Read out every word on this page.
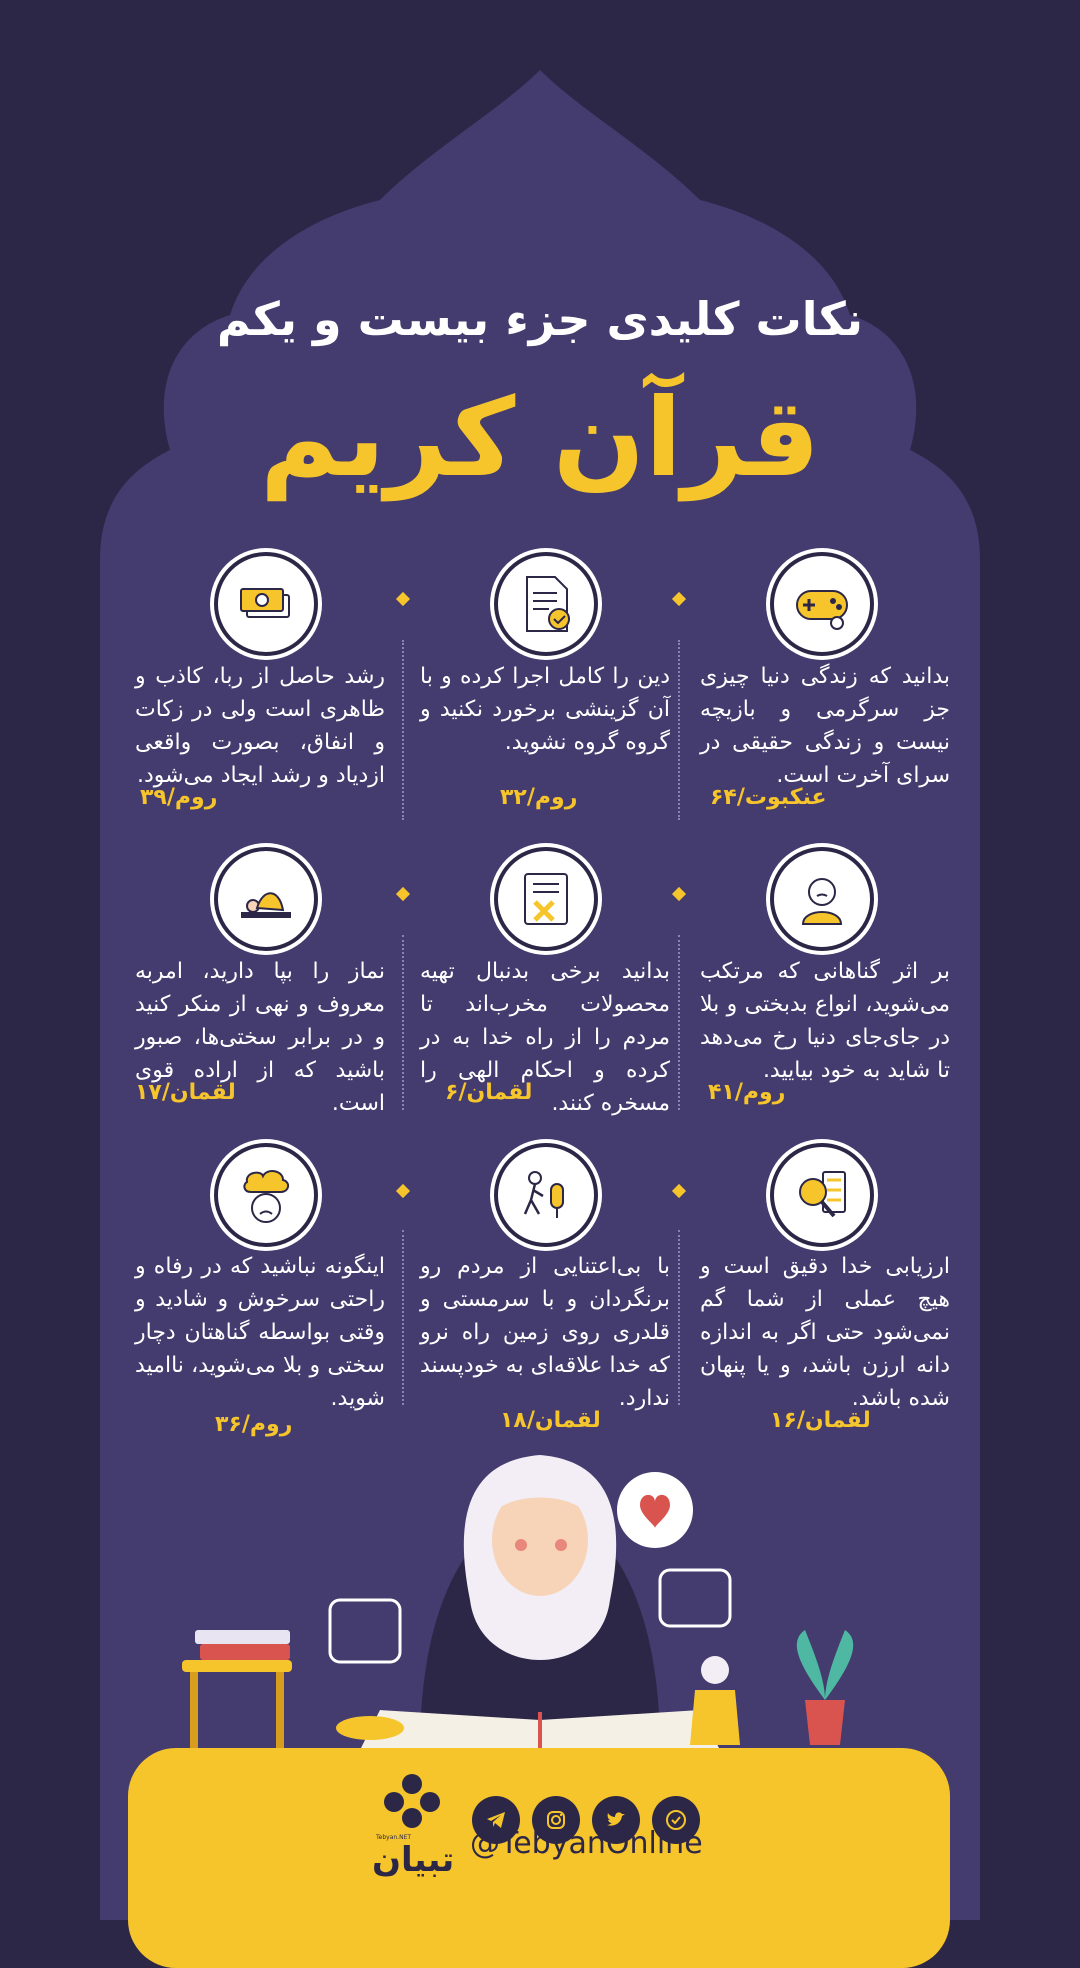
نکات کلیدی جزء بیست و یکم
قرآن کریم
بدانید که زندگی دنیا چیزی جز سرگرمی و بازیچه نیست و زندگی حقیقی در سرای آخرت است.
عنکبوت/۶۴
دین را کامل اجرا کرده و با آن گزینشی برخورد نکنید و گروه گروه نشوید.
روم/۳۲
رشد حاصل از ربا، کاذب و ظاهری است ولی در زکات و انفاق، بصورت واقعی ازدیاد و رشد ایجاد می‌شود.
روم/۳۹
بر اثر گناهانی که مرتکب می‌شوید، انواع بدبختی و بلا در جای‌جای دنیا رخ می‌دهد تا شاید به خود بیایید.
روم/۴۱
بدانید برخی بدنبال تهیه محصولات مخرب‌اند تا مردم را از راه خدا به در کرده و احکام الهی را مسخره کنند.
لقمان/۶
نماز را بپا دارید، امربه معروف و نهی از منکر کنید و در برابر سختی‌ها، صبور باشید که از اراده قوی است.
لقمان/۱۷
ارزیابی خدا دقیق است و هیچ عملی از شما گم نمی‌شود حتی اگر به اندازه دانه ارزن باشد، و یا پنهان شده باشد.
لقمان/۱۶
با بی‌اعتنایی از مردم رو برنگردان و با سرمستی و قلدری روی زمین راه نرو که خدا علاقه‌ای به خودپسند ندارد.
لقمان/۱۸
اینگونه نباشید که در رفاه و راحتی سرخوش و شادید و وقتی بواسطه گناهتان دچار سختی و بلا می‌شوید، ناامید شوید.
روم/۳۶
Tebyan.NET
تبیان @TebyanOnline
